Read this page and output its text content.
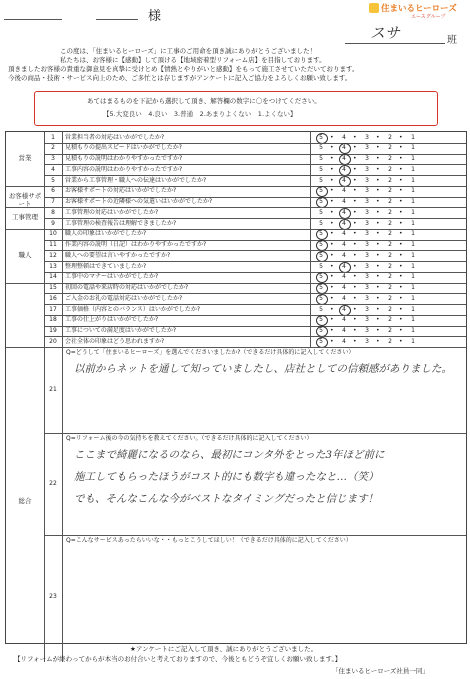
様	住まいるヒーローズ
エースグループ
スサ	班
この度は、「住まいるヒーローズ」に工事のご用命を頂き誠にありがとうございました！
私たちは、お客様に【感動】して頂ける【地域密着型リフォーム店】を目指しております。
頂きましたお客様の貴重な御意見を真摯に受けとめ【情熱とやりがいと感動】をもって施工させていただいております。
今後の商品・技術・サービス向上のため、ご多忙とは存じますがアンケートに記入ご協力をよろしくお願い致します。
あてはまるものを下記から選択して頂き、解答欄の数字に〇をつけてください。
【5.大変良い　4.良い　3.普通　2.あまりよくない　1.よくない】
営業
お客様サポート
工事管理
職人
1	営業担当者の対応はいかがでしたか?	5	•	4	•	3	•	2	•	1
2	見積もりの提出スピードはいかがでしたか?	5	•	4	•	3	•	2	•	1
3	見積もりの説明はわかりやすかったですか?	5	•	4	•	3	•	2	•	1
4	工事内容の説明はわかりやすかったですか?	5	•	4	•	3	•	2	•	1
5	営業から工事管理・職人への伝達はいかがでしたか?	5	•	4	•	3	•	2	•	1
6	お客様サポートの対応はいかがでしたか?	5	•	4	•	3	•	2	•	1
7	お客様サポートの近隣様への気遣いはいかがでしたか?	5	•	4	•	3	•	2	•	1
8	工事管理の対応はいかがでしたか?	5	•	4	•	3	•	2	•	1
9	工事管理の検査報告は理解できましたか?	5	•	4	•	3	•	2	•	1
10	職人の印象はいかがでしたか?	5	•	4	•	3	•	2	•	1
11	作業内容の説明（日記）はわかりやすかったですか?	5	•	4	•	3	•	2	•	1
12	職人への要望は言いやすかったですか?	5	•	4	•	3	•	2	•	1
13	整理整頓はできていましたか?	5	•	4	•	3	•	2	•	1
14	工事中のマナーはいかがでしたか?	5	•	4	•	3	•	2	•	1
15	初回の電話や来店時の対応はいかがでしたか?	5	•	4	•	3	•	2	•	1
16	ご入金のお礼の電話対応はいかがでしたか?	5	•	4	•	3	•	2	•	1
17	工事価格（内容とのバランス）はいかがでしたか?	5	•	4	•	3	•	2	•	1
18	工事の仕上がりはいかがでしたか?	5	•	4	•	3	•	2	•	1
19	工事についての満足度はいかがでしたか?	5	•	4	•	3	•	2	•	1
20	会社全体の印象はどう思われますか?	5	•	4	•	3	•	2	•	1
総合
21
Q=どうして「住まいるヒーローズ」を選んでくださいましたか?（できるだけ具体的に記入してください）
以前からネットを通して知っていましたし、店社としての信頼感がありました。
22
Q=リフォーム後の今の気持ちを教えてください。（できるだけ具体的に記入してください）
ここまで綺麗になるのなら、最初にコンタ外をとった3年ほど前に
施工してもらったほうがコスト的にも数字も違ったなと…（笑）
でも、そんなこんな今がベストなタイミングだったと信じます！
23
Q=こんなサービスあったらいいな・・もっとこうしてほしい！（できるだけ具体的に記入してください）
★アンケートにご記入して頂き、誠にありがとうございました。
【リフォームが終わってからが本当のお付合いと考えておりますので、今後ともどうぞ宜しくお願い致します。】
「住まいるヒーローズ社員一同」
